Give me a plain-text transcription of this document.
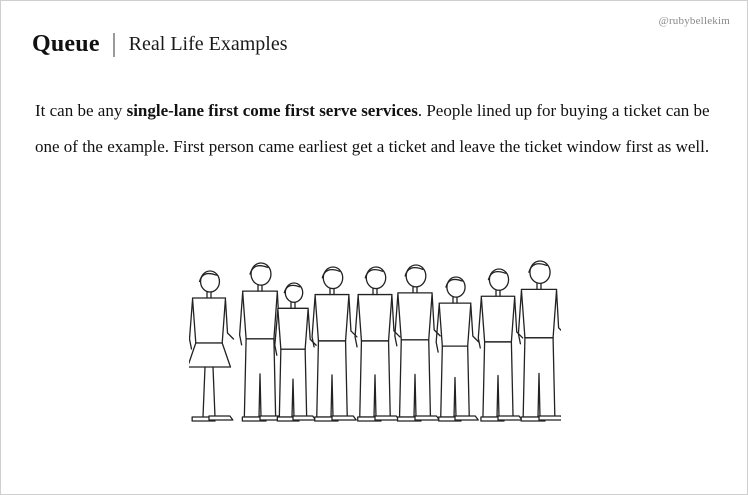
@rubybellekim
Queue Real Life Examples

It can be any single-lane first come first serve services. People lined up for buying a ticket can be one of the example. First person came earliest get a ticket and leave the ticket window first as well.
